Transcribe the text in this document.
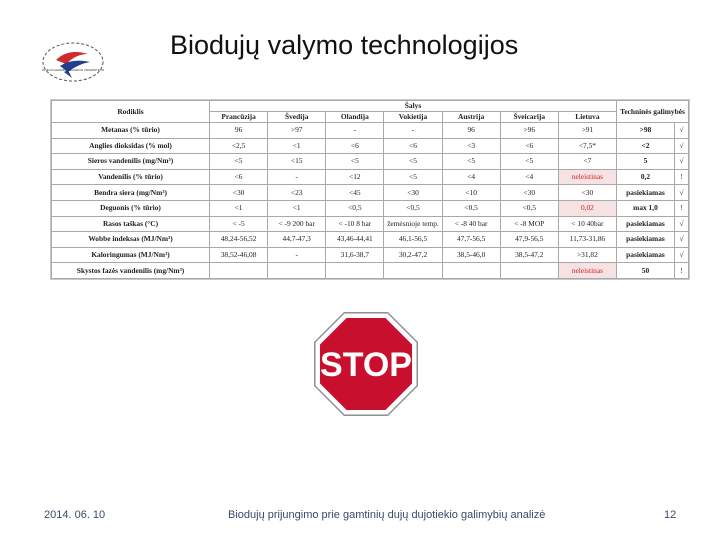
VILNIAUS GEDIMINO TECHNIKOS UNIVERSITETAS
Biodujų valymo technologijos
Rodiklis	Šalys							Techninės galimybės	
	Prancūzija	Švedija	Olandija	Vokietija	Austrija	Šveicarija	Lietuva		
Metanas (% tūrio)	96	>97	-	-	96	>96	>91	>98	√
Anglies dioksidas (% mol)	<2,5	<1	<6	<6	<3	<6	<7,5*	<2	√
Sieros vandenilis (mg/Nm³)	<5	<15	<5	<5	<5	<5	<7	5	√
Vandenilis (% tūrio)	<6	-	<12	<5	<4	<4	neleistinas	0,2	!
Bendra siera (mg/Nm³)	<30	<23	<45	<30	<10	<30	<30	pasiekiamas	√
Deguonis (% tūrio)	<1	<1	<0,5	<0,5	<0,5	<0,5	0,02	max 1,0	!
Rasos taškas (°C)	< -5	< -9 200 bar	< -10 8 bar	žemėsnioje temp.	< -8 40 bar	< -8 MOP	< 10 40bar	pasiekiamas	√
Wobbe indeksas (MJ/Nm³)	48,24-56,52	44,7-47,3	43,46-44,41	46,1-56,5	47,7-56,5	47,9-56,5	11,73-31,86	pasiekiamas	√
Kaloringumas (MJ/Nm³)	38,52-46,08	-	31,6-38,7	30,2-47,2	38,5-46,0	38,5-47,2	>31,82	pasiekiamas	√
Skystos fazės vandenilis (mg/Nm³)							neleistinas	50	!
STOP
2014. 06. 10	Biodujų prijungimo prie gamtinių dujų dujotiekio galimybių analizė	12
